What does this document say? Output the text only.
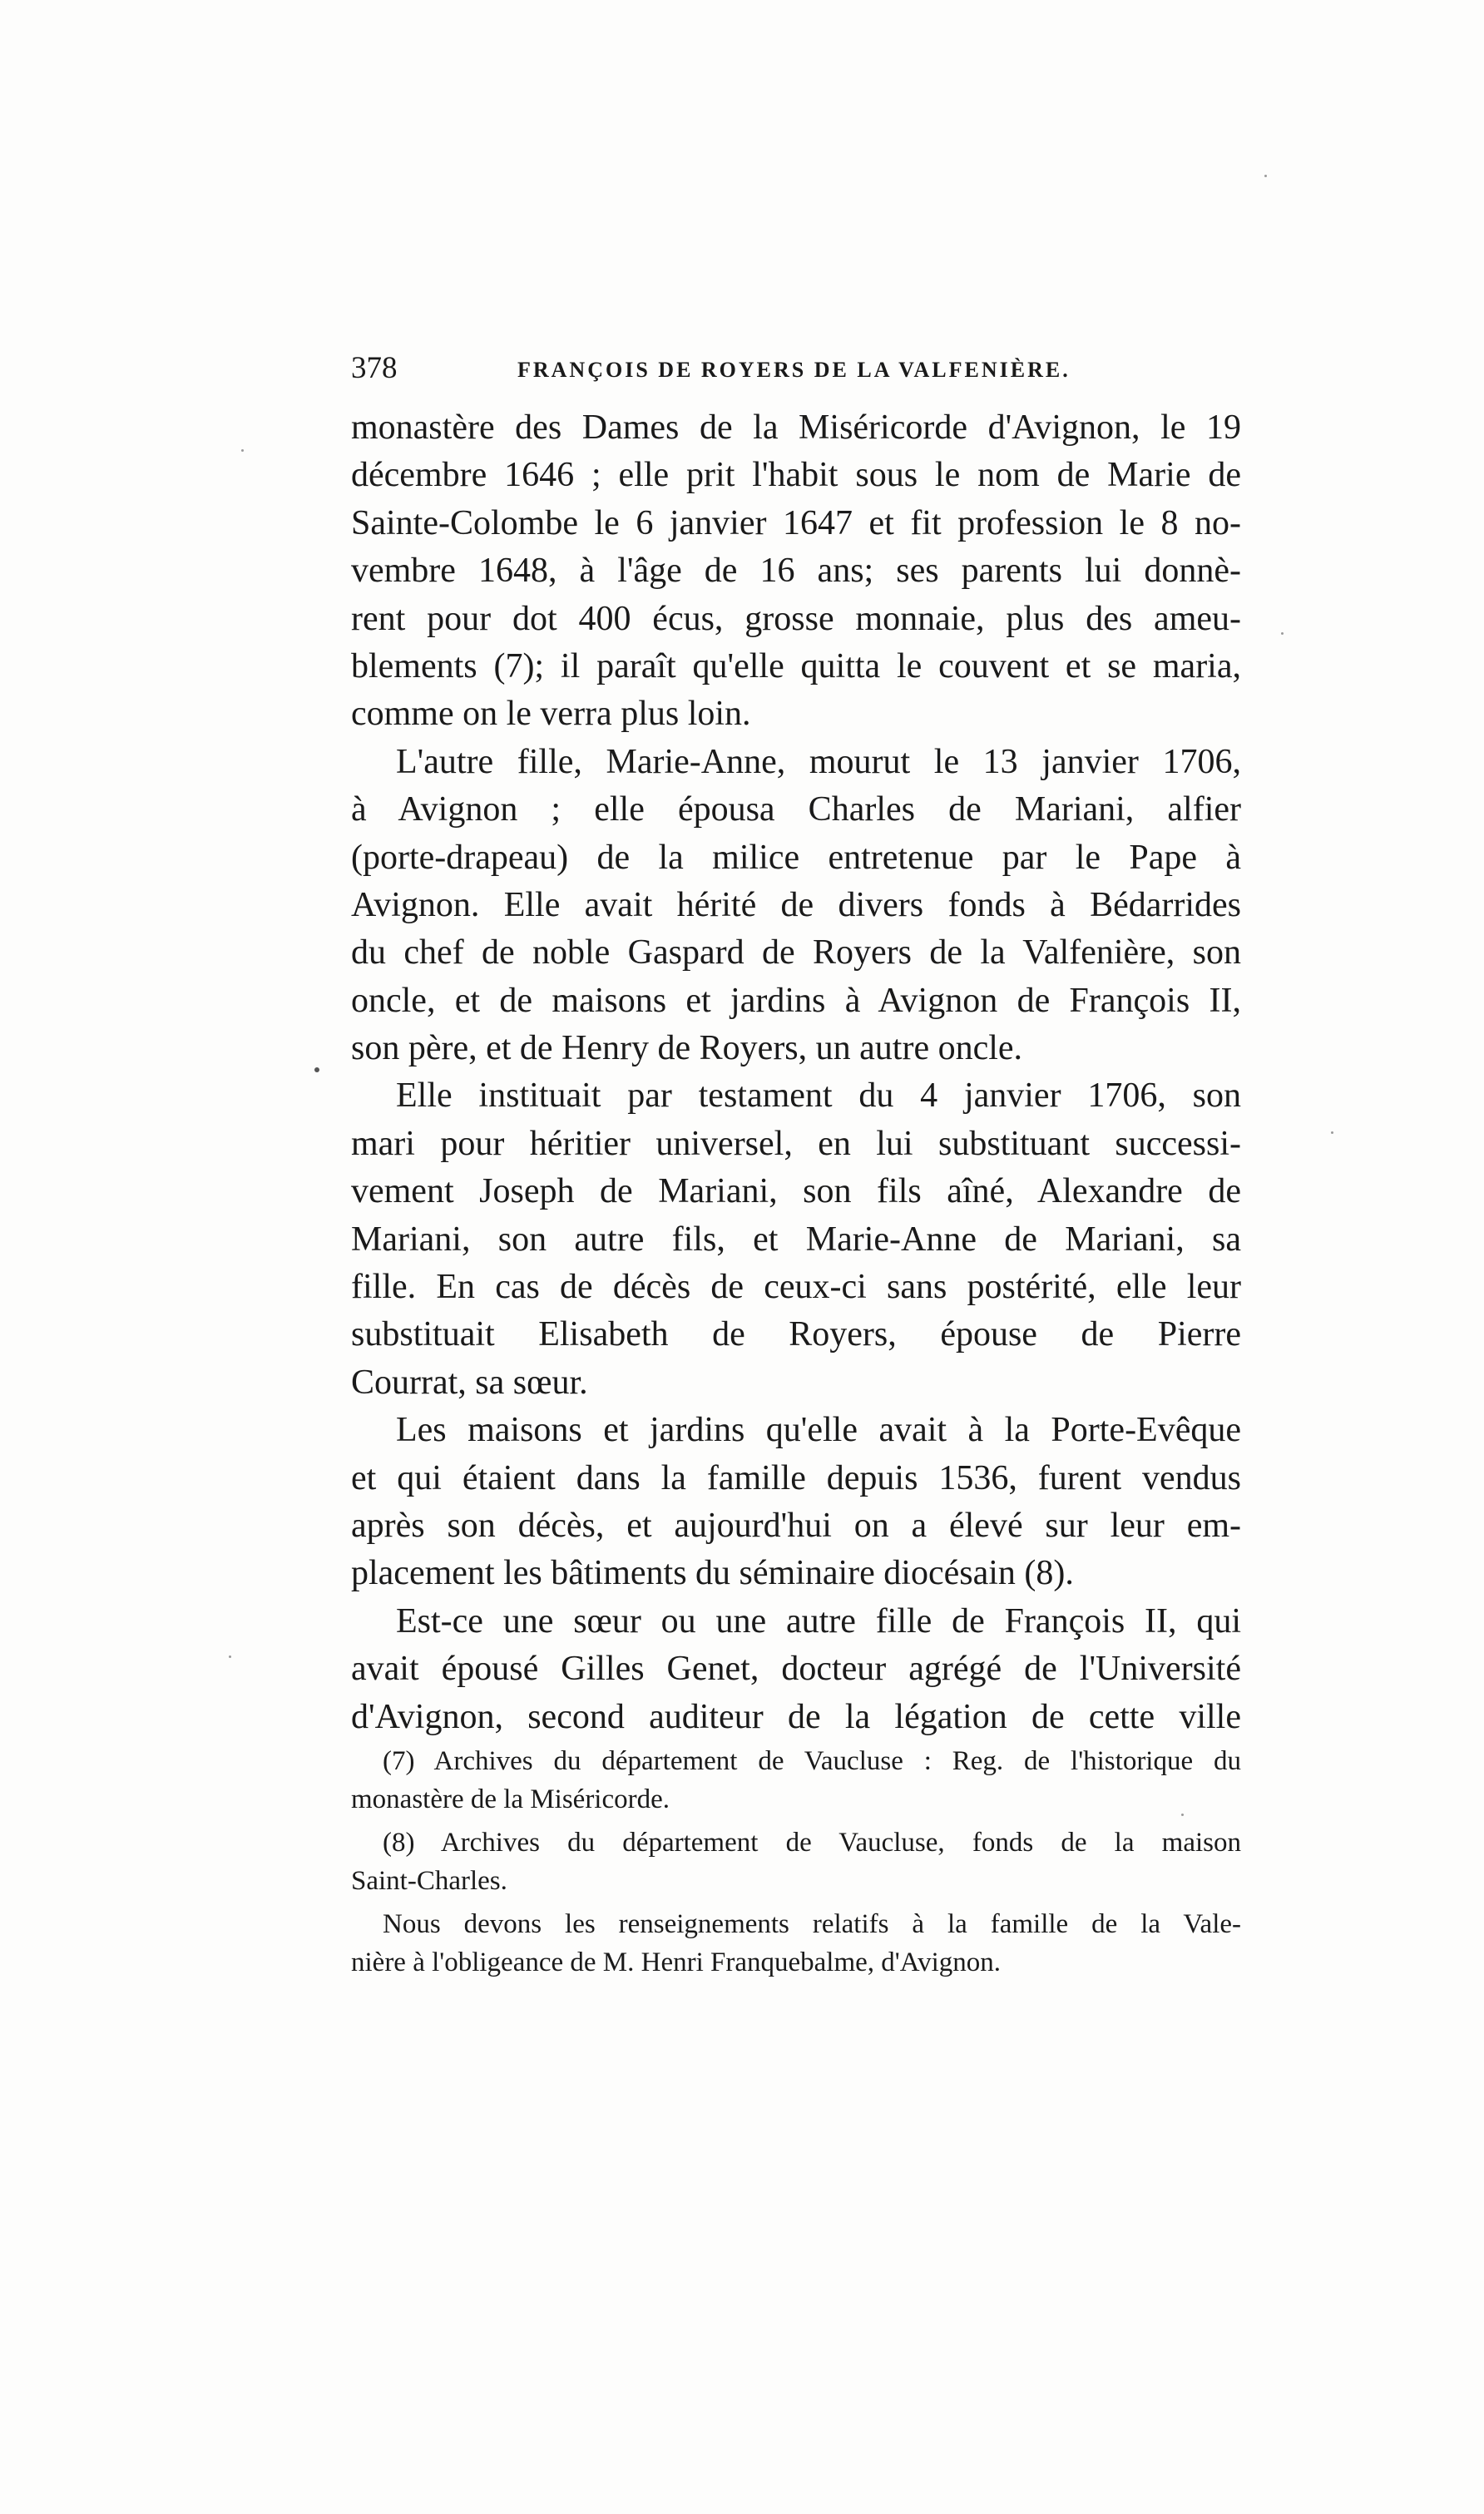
378	FRANÇOIS DE ROYERS DE LA VALFENIÈRE.
monastère des Dames de la Miséricorde d'Avignon, le 19
décembre 1646 ; elle prit l'habit sous le nom de Marie de
Sainte-Colombe le 6 janvier 1647 et fit profession le 8 no-
vembre 1648, à l'âge de 16 ans; ses parents lui donnè-
rent pour dot 400 écus, grosse monnaie, plus des ameu-
blements (7); il paraît qu'elle quitta le couvent et se maria,
comme on le verra plus loin.
L'autre fille, Marie-Anne, mourut le 13 janvier 1706,
à Avignon ; elle épousa Charles de Mariani, alfier
(porte-drapeau) de la milice entretenue par le Pape à
Avignon. Elle avait hérité de divers fonds à Bédarrides
du chef de noble Gaspard de Royers de la Valfenière, son
oncle, et de maisons et jardins à Avignon de François II,
son père, et de Henry de Royers, un autre oncle.
Elle instituait par testament du 4 janvier 1706, son
mari pour héritier universel, en lui substituant successi-
vement Joseph de Mariani, son fils aîné, Alexandre de
Mariani, son autre fils, et Marie-Anne de Mariani, sa
fille. En cas de décès de ceux-ci sans postérité, elle leur
substituait Elisabeth de Royers, épouse de Pierre
Courrat, sa sœur.
Les maisons et jardins qu'elle avait à la Porte-Evêque
et qui étaient dans la famille depuis 1536, furent vendus
après son décès, et aujourd'hui on a élevé sur leur em-
placement les bâtiments du séminaire diocésain (8).
Est-ce une sœur ou une autre fille de François II, qui
avait épousé Gilles Genet, docteur agrégé de l'Université
d'Avignon, second auditeur de la légation de cette ville
(7) Archives du département de Vaucluse : Reg. de l'historique du
monastère de la Miséricorde.
(8) Archives du département de Vaucluse, fonds de la maison
Saint-Charles.
Nous devons les renseignements relatifs à la famille de la Vale-
nière à l'obligeance de M. Henri Franquebalme, d'Avignon.
